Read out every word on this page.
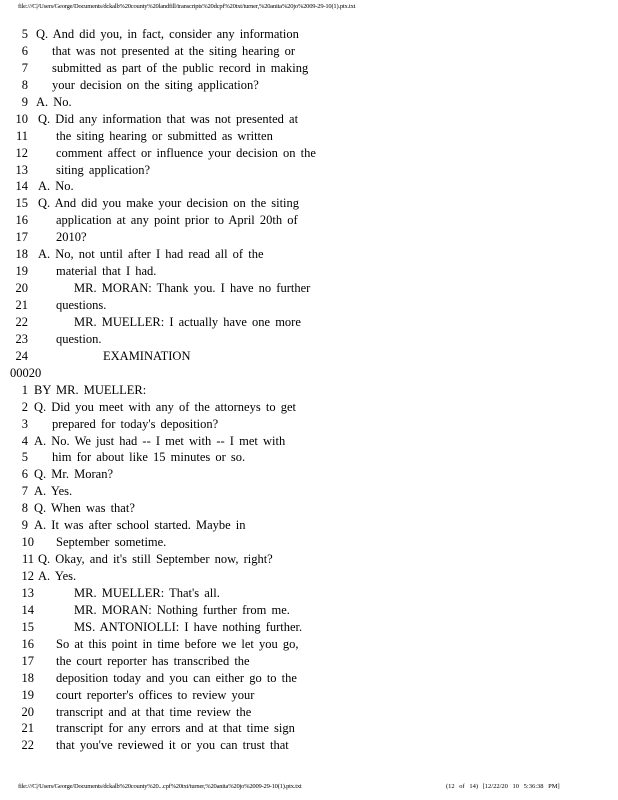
file:///C|/Users/George/Documents/dckalb%20county%20landfill/transcripts%20dcpf%20txt/turner,%20anita%20jo%2009-29-10(1).ptx.txt
5 Q. And did you, in fact, consider any information
6 that was not presented at the siting hearing or
7 submitted as part of the public record in making
8 your decision on the siting application?
9 A. No.
10 Q. Did any information that was not presented at
11 the siting hearing or submitted as written
12 comment affect or influence your decision on the
13 siting application?
14 A. No.
15 Q. And did you make your decision on the siting
16 application at any point prior to April 20th of
17 2010?
18 A. No, not until after I had read all of the
19 material that I had.
20	MR. MORAN: Thank you. I have no further
21 questions.
22	MR. MUELLER: I actually have one more
23 question.
24	EXAMINATION
00020
1 BY MR. MUELLER:
2 Q. Did you meet with any of the attorneys to get
3 prepared for today's deposition?
4 A. No. We just had -- I met with -- I met with
5 him for about like 15 minutes or so.
6 Q. Mr. Moran?
7 A. Yes.
8 Q. When was that?
9 A. It was after school started. Maybe in
10 September sometime.
11 Q. Okay, and it's still September now, right?
12 A. Yes.
13	MR. MUELLER: That's all.
14	MR. MORAN: Nothing further from me.
15	MS. ANTONIOLLI: I have nothing further.
16 So at this point in time before we let you go,
17 the court reporter has transcribed the
18 deposition today and you can either go to the
19 court reporter's offices to review your
20 transcript and at that time review the
21 transcript for any errors and at that time sign
22 that you've reviewed it or you can trust that
file:///C|/Users/George/Documents/dckalb%20county%20...cpf%20txt/turner,%20anita%20jo%2009-29-10(1).ptx.txt	(12 of 14) [12/22/20 10 5:36:38 PM]
